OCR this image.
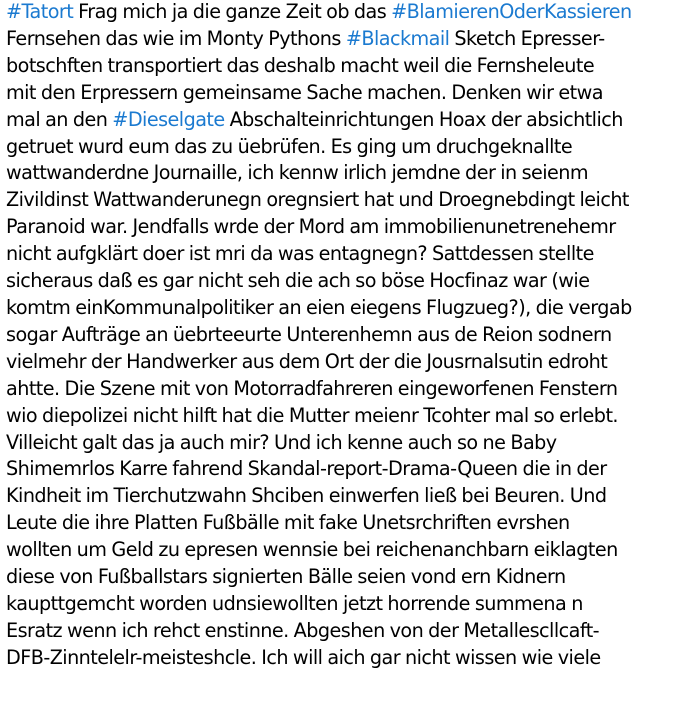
#Tatort Frag mich ja die ganze Zeit ob das #BlamierenOderKassieren
Fernsehen das wie im Monty Pythons #Blackmail Sketch Epresser-
botschften transportiert das deshalb macht weil die Fernsheleute
mit den Erpressern gemeinsame Sache machen. Denken wir etwa
mal an den #Dieselgate Abschalteinrichtungen Hoax der absichtlich
getruet wurd eum das zu üebrüfen. Es ging um druchgeknallte
wattwanderdne Journaille, ich kennw irlich jemdne der in seienm
Zivildinst Wattwanderunegn oregnsiert hat und Droegnebdingt leicht
Paranoid war. Jendfalls wrde der Mord am immobilienunetrenehemr
nicht aufgklärt doer ist mri da was entagnegn? Sattdessen stellte
sicheraus daß es gar nicht seh die ach so böse Hocfinaz war (wie
komtm einKommunalpolitiker an eien eiegens Flugzueg?), die vergab
sogar Aufträge an üebrteeurte Unterenhemn aus de Reion sodnern
vielmehr der Handwerker aus dem Ort der die Jousrnalsutin edroht
ahtte. Die Szene mit von Motorradfahreren eingeworfenen Fenstern
wio diepolizei nicht hilft hat die Mutter meienr Tcohter mal so erlebt.
Villeicht galt das ja auch mir? Und ich kenne auch so ne Baby
Shimemrlos Karre fahrend Skandal-report-Drama-Queen die in der
Kindheit im Tierchutzwahn Shciben einwerfen ließ bei Beuren. Und
Leute die ihre Platten Fußbälle mit fake Unetsrchriften evrshen
wollten um Geld zu epresen wennsie bei reichenanchbarn eiklagten
diese von Fußballstars signierten Bälle seien vond ern Kidnern
kaupttgemcht worden udnsiewollten jetzt horrende summena n
Esratz wenn ich rehct enstinne. Abgeshen von der Metallescllcaft-
DFB-Zinntelelr-meisteshcle. Ich will aich gar nicht wissen wie viele
